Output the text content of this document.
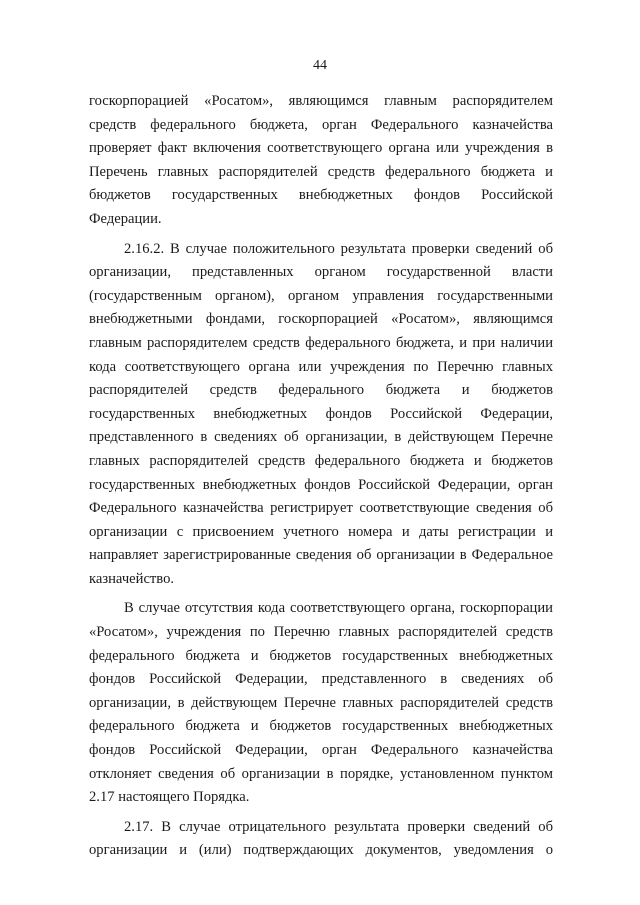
44

госкорпорацией «Росатом», являющимся главным распорядителем средств федерального бюджета, орган Федерального казначейства проверяет факт включения соответствующего органа или учреждения в Перечень главных распорядителей средств федерального бюджета и бюджетов государственных внебюджетных фондов Российской Федерации.

2.16.2. В случае положительного результата проверки сведений об организации, представленных органом государственной власти (государственным органом), органом управления государственными внебюджетными фондами, госкорпорацией «Росатом», являющимся главным распорядителем средств федерального бюджета, и при наличии кода соответствующего органа или учреждения по Перечню главных распорядителей средств федерального бюджета и бюджетов государственных внебюджетных фондов Российской Федерации, представленного в сведениях об организации, в действующем Перечне главных распорядителей средств федерального бюджета и бюджетов государственных внебюджетных фондов Российской Федерации, орган Федерального казначейства регистрирует соответствующие сведения об организации с присвоением учетного номера и даты регистрации и направляет зарегистрированные сведения об организации в Федеральное казначейство.

В случае отсутствия кода соответствующего органа, госкорпорации «Росатом», учреждения по Перечню главных распорядителей средств федерального бюджета и бюджетов государственных внебюджетных фондов Российской Федерации, представленного в сведениях об организации, в действующем Перечне главных распорядителей средств федерального бюджета и бюджетов государственных внебюджетных фондов Российской Федерации, орган Федерального казначейства отклоняет сведения об организации в порядке, установленном пунктом 2.17 настоящего Порядка.

2.17. В случае отрицательного результата проверки сведений об организации и (или) подтверждающих документов, уведомления о
